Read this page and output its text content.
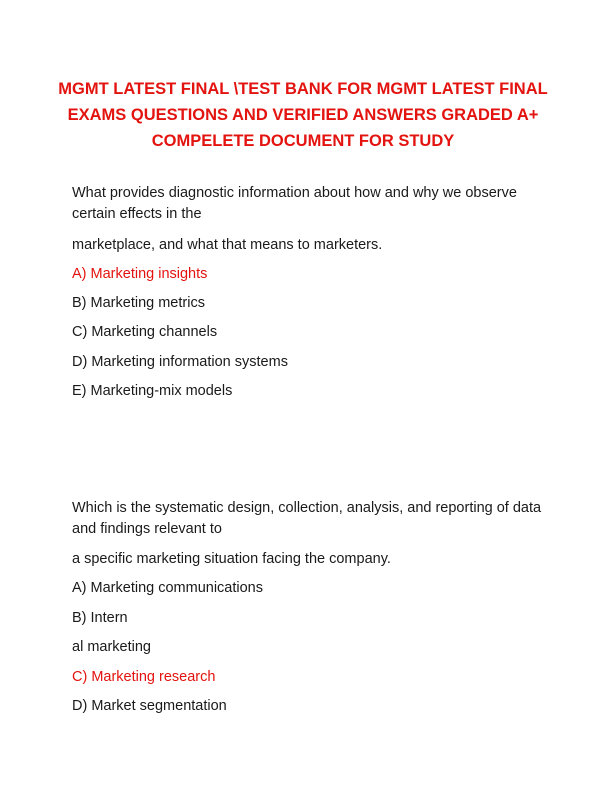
MGMT LATEST FINAL \TEST BANK FOR MGMT LATEST FINAL EXAMS QUESTIONS AND VERIFIED ANSWERS GRADED A+ COMPELETE DOCUMENT FOR STUDY
What provides diagnostic information about how and why we observe certain effects in the
marketplace, and what that means to marketers.
A) Marketing insights
B) Marketing metrics
C) Marketing channels
D) Marketing information systems
E) Marketing-mix models
Which is the systematic design, collection, analysis, and reporting of data and findings relevant to
a specific marketing situation facing the company.
A) Marketing communications
B) Intern
al marketing
C) Marketing research
D) Market segmentation
